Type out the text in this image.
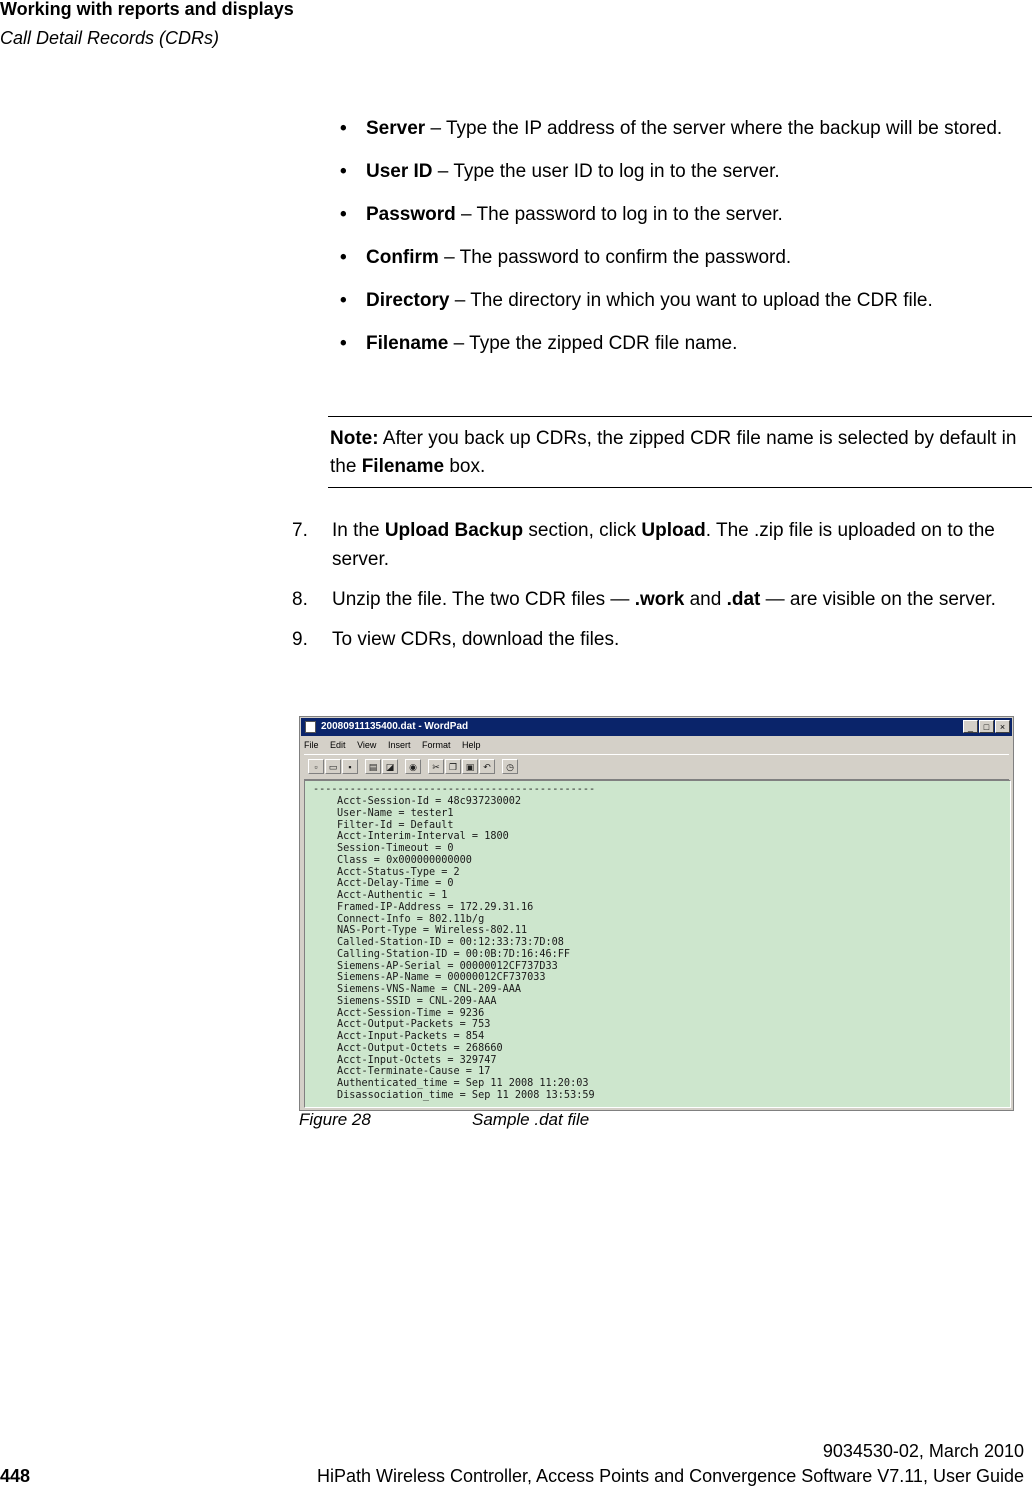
Working with reports and displays
Call Detail Records (CDRs)
• Server – Type the IP address of the server where the backup will be stored.
• User ID – Type the user ID to log in to the server.
• Password – The password to log in to the server.
• Confirm – The password to confirm the password.
• Directory – The directory in which you want to upload the CDR file.
• Filename – Type the zipped CDR file name.
Note: After you back up CDRs, the zipped CDR file name is selected by default in the Filename box.
7. In the Upload Backup section, click Upload. The .zip file is uploaded on to the server.
8. Unzip the file. The two CDR files — .work and .dat — are visible on the server.
9. To view CDRs, download the files.
20080911135400.dat - WordPad	_ □ ×
File Edit View Insert Format Help
▫	▭	▪	▤ ◪	◉	✂	❐ ▣ ↶	◷
----------------------------------------------
Acct-Session-Id = 48c937230002
User-Name = tester1
Filter-Id = Default
Acct-Interim-Interval = 1800
Session-Timeout = 0
Class = 0x000000000000
Acct-Status-Type = 2
Acct-Delay-Time = 0
Acct-Authentic = 1
Framed-IP-Address = 172.29.31.16
Connect-Info = 802.11b/g
NAS-Port-Type = Wireless-802.11
Called-Station-ID = 00:12:33:73:7D:08
Calling-Station-ID = 00:0B:7D:16:46:FF
Siemens-AP-Serial = 00000012CF737D33
Siemens-AP-Name = 00000012CF737033
Siemens-VNS-Name = CNL-209-AAA
Siemens-SSID = CNL-209-AAA
Acct-Session-Time = 9236
Acct-Output-Packets = 753
Acct-Input-Packets = 854
Acct-Output-Octets = 268660
Acct-Input-Octets = 329747
Acct-Terminate-Cause = 17
Authenticated_time = Sep 11 2008 11:20:03
Disassociation_time = Sep 11 2008 13:53:59
Figure 28	Sample .dat file
9034530-02, March 2010
448	HiPath Wireless Controller, Access Points and Convergence Software V7.11, User Guide
